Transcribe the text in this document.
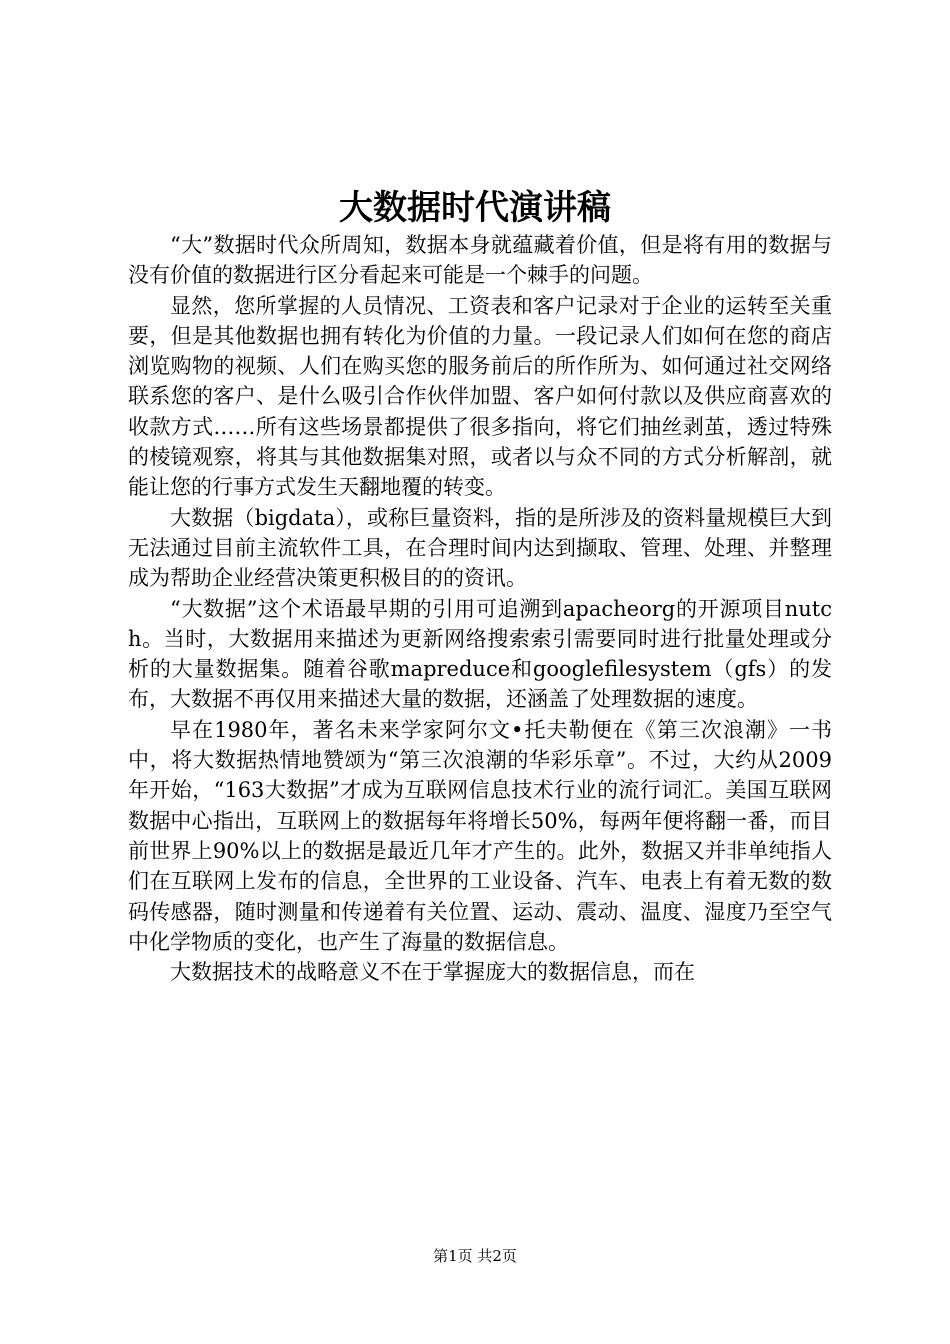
大数据时代演讲稿

“大”数据时代众所周知，数据本身就蕴藏着价值，但是将有用的数据与没有价值的数据进行区分看起来可能是一个棘手的问题。

显然，您所掌握的人员情况、工资表和客户记录对于企业的运转至关重要，但是其他数据也拥有转化为价值的力量。一段记录人们如何在您的商店浏览购物的视频、人们在购买您的服务前后的所作所为、如何通过社交网络联系您的客户、是什么吸引合作伙伴加盟、客户如何付款以及供应商喜欢的收款方式……所有这些场景都提供了很多指向，将它们抽丝剥茧，透过特殊的棱镜观察，将其与其他数据集对照，或者以与众不同的方式分析解剖，就能让您的行事方式发生天翻地覆的转变。

大数据（bigdata），或称巨量资料，指的是所涉及的资料量规模巨大到无法通过目前主流软件工具，在合理时间内达到撷取、管理、处理、并整理成为帮助企业经营决策更积极目的的资讯。

“大数据”这个术语最早期的引用可追溯到apacheorg的开源项目nutch。当时，大数据用来描述为更新网络搜索索引需要同时进行批量处理或分析的大量数据集。随着谷歌mapreduce和googlefilesystem（gfs）的发布，大数据不再仅用来描述大量的数据，还涵盖了处理数据的速度。

早在1980年，著名未来学家阿尔文•托夫勒便在《第三次浪潮》一书中，将大数据热情地赞颂为“第三次浪潮的华彩乐章”。不过，大约从2009年开始，“163大数据”才成为互联网信息技术行业的流行词汇。美国互联网数据中心指出，互联网上的数据每年将增长50%，每两年便将翻一番，而目前世界上90%以上的数据是最近几年才产生的。此外，数据又并非单纯指人们在互联网上发布的信息，全世界的工业设备、汽车、电表上有着无数的数码传感器，随时测量和传递着有关位置、运动、震动、温度、湿度乃至空气中化学物质的变化，也产生了海量的数据信息。

大数据技术的战略意义不在于掌握庞大的数据信息，而在

第1页 共2页
